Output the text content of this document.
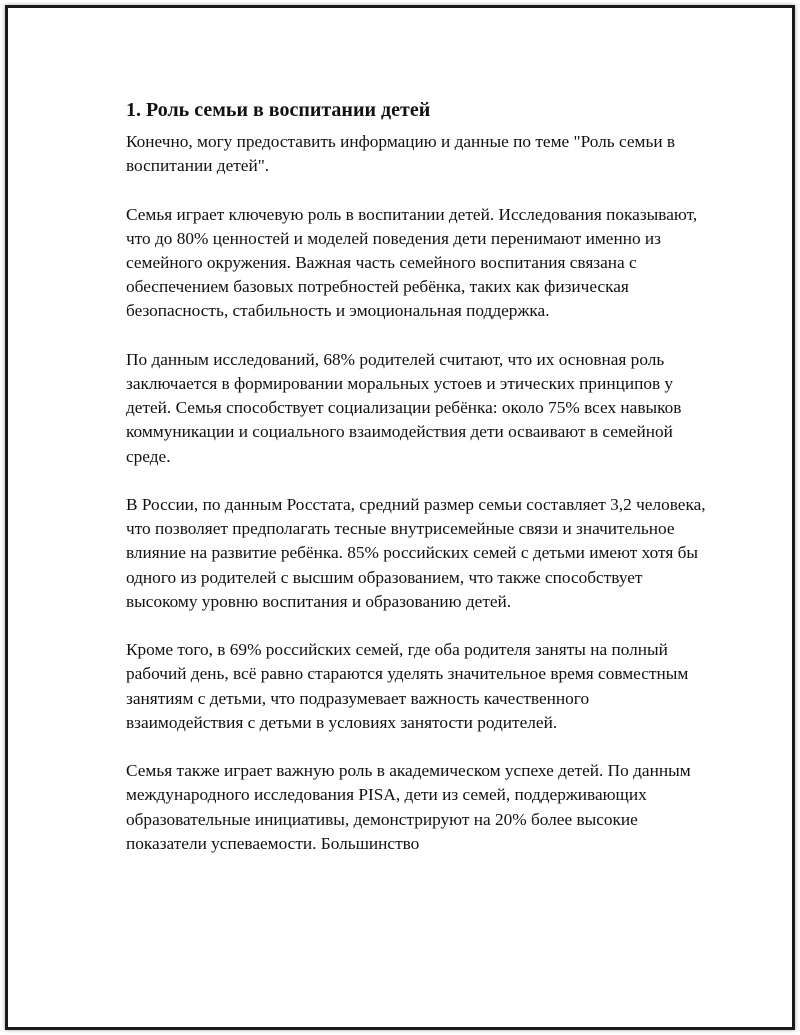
1. Роль семьи в воспитании детей

Конечно, могу предоставить информацию и данные по теме "Роль семьи в воспитании детей".

Семья играет ключевую роль в воспитании детей. Исследования показывают, что до 80% ценностей и моделей поведения дети перенимают именно из семейного окружения. Важная часть семейного воспитания связана с обеспечением базовых потребностей ребёнка, таких как физическая безопасность, стабильность и эмоциональная поддержка.

По данным исследований, 68% родителей считают, что их основная роль заключается в формировании моральных устоев и этических принципов у детей. Семья способствует социализации ребёнка: около 75% всех навыков коммуникации и социального взаимодействия дети осваивают в семейной среде.

В России, по данным Росстата, средний размер семьи составляет 3,2 человека, что позволяет предполагать тесные внутрисемейные связи и значительное влияние на развитие ребёнка. 85% российских семей с детьми имеют хотя бы одного из родителей с высшим образованием, что также способствует высокому уровню воспитания и образованию детей.

Кроме того, в 69% российских семей, где оба родителя заняты на полный рабочий день, всё равно стараются уделять значительное время совместным занятиям с детьми, что подразумевает важность качественного взаимодействия с детьми в условиях занятости родителей.

Семья также играет важную роль в академическом успехе детей. По данным международного исследования PISA, дети из семей, поддерживающих образовательные инициативы, демонстрируют на 20% более высокие показатели успеваемости. Большинство
